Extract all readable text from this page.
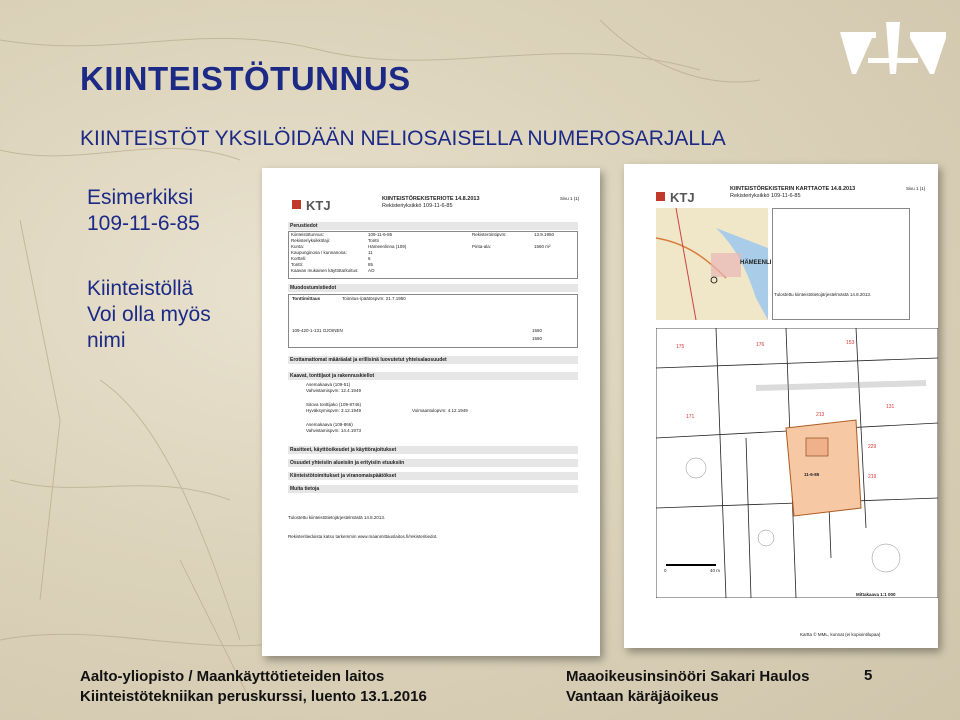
KIINTEISTÖTUNNUS
KIINTEISTÖT YKSILÖIDÄÄN NELIOSAISELLA NUMEROSARJALLA
Esimerkiksi
109-11-6-85
Kiinteistöllä
Voi olla myös
nimi
KTJ	KIINTEISTÖREKISTERIOTE 14.8.2013
Rekisteriyksikkö 109-11-6-85
Sivu 1 (1)
Perustiedot
Kiinteistötunnus:	109-11-6-85
Rekisteriyksikkölaji:	Tontti
Kunta:	Hämeenlinna (109)
Kaupunginosa / kunnanosa:	11
Kortteli:	6
Tontti:	85
Kaavan mukainen käyttötarkoitus: AO
Rekisteröintipvm:	13.9.1950
Pinta-ala:	1560 m²
Muodostumistiedot
Tonttimittaus	Toimitus-/päätöspvm: 21.7.1950
109-420-1-131 OJOINEN	1560
1560
Erottamattomat määräalat ja erillisinä luovutetut yhteisalaosuudet
Kaavat, tonttijaot ja rakennuskiellot
Asemakaava (109-51)
Vahvistamispvm: 12.4.1949
Sitova tonttijako (109-8746)
Hyväksymispvm: 3.12.1949	Voimaantulopvm: 4.12.1949
Asemakaava (109-866)
Vahvistamispvm: 14.4.1973
Rasitteet, käyttöoikeudet ja käyttörajoitukset
Osuudet yhteisiin alueisiin ja erityisiin etuuksiin
Kiinteistötoimitukset ja viranomaispäätökset
Muita tietoja
Tulostettu kiinteistötietojärjestelmästä 14.8.2013.
Rekisteritiedoista katso tarkemmin www.maanmittauslaitos.fi/rekisteritiedot.
KTJ
KIINTEISTÖREKISTERIN KARTTAOTE 14.8.2013
Rekisteriyksikkö 109-11-6-85
Sivu 1 (1)
HÄMEENLI
Tulostettu kiinteistötietojärjestelmästä 14.8.2013.
175	176	153
171	213
131
229
219
11-6-85
0	40 m
Mittakaava 1:1 000
Kartta © MML, kunnat (ei kopiointilupaa)
Aalto-yliopisto / Maankäyttötieteiden laitos
Kiinteistötekniikan peruskurssi, luento 13.1.2016
Maaoikeusinsinööri Sakari Haulos
Vantaan käräjäoikeus
5
